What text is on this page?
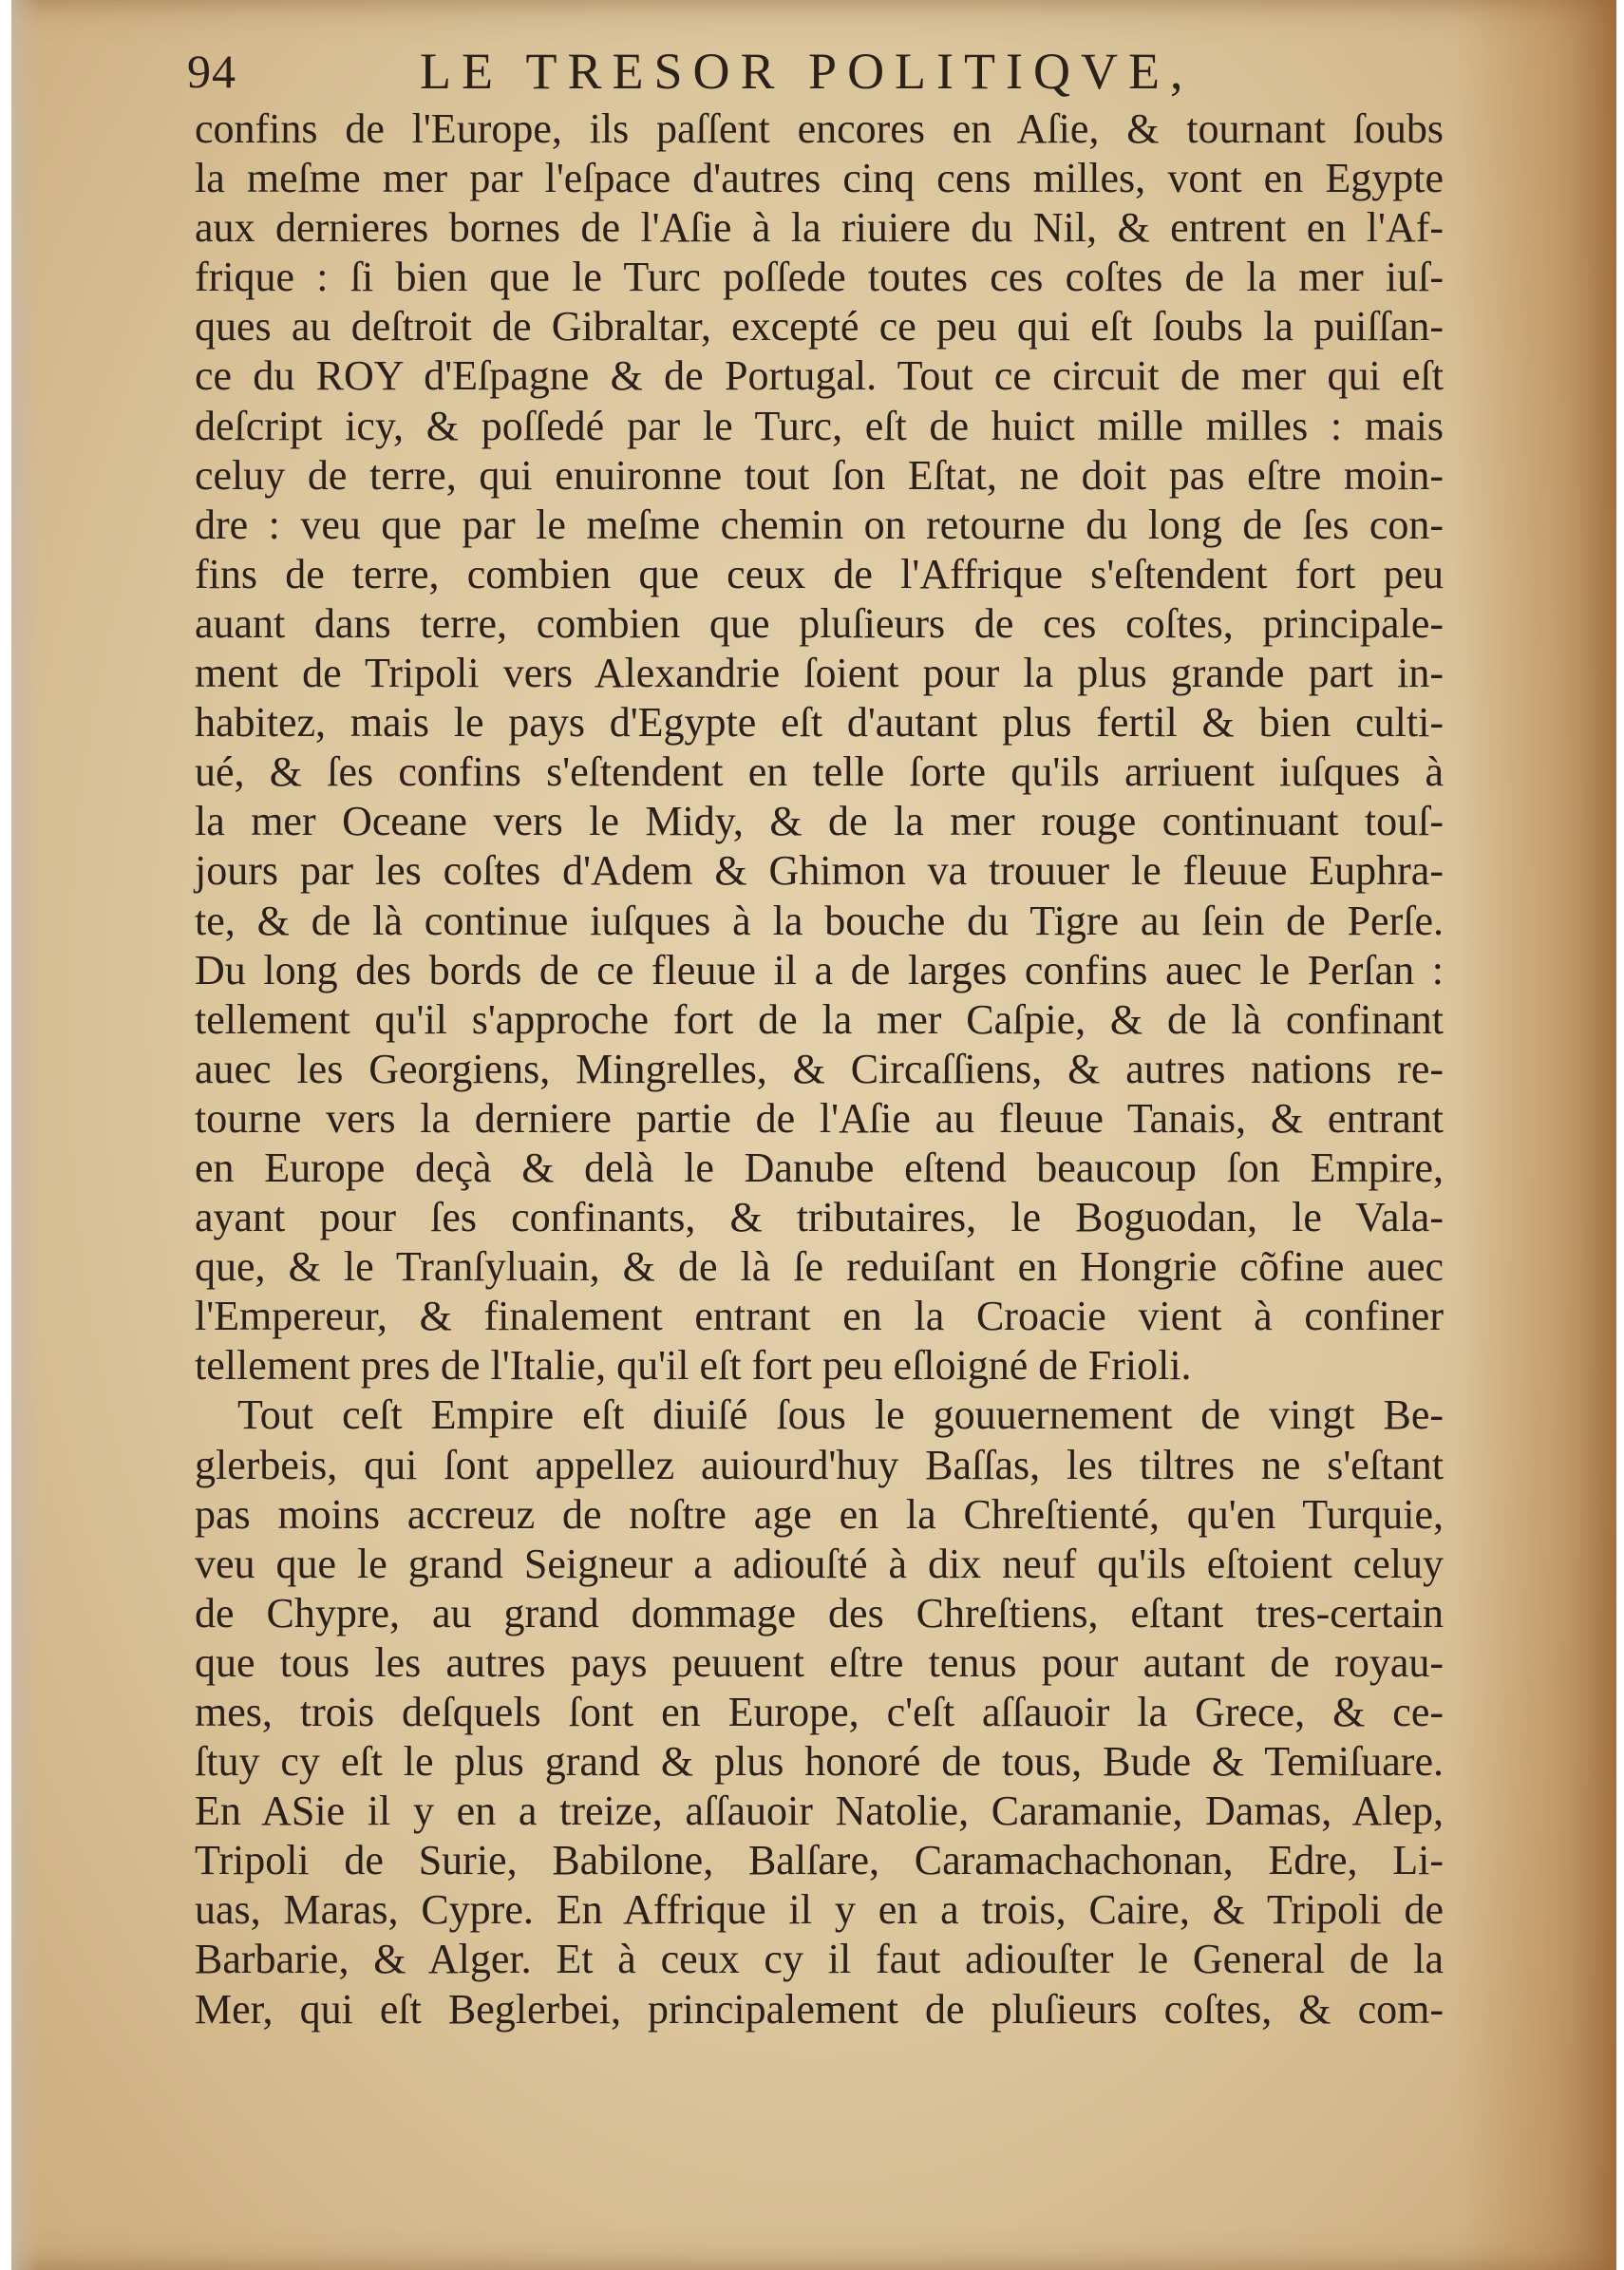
94	LE TRESOR POLITIQVE,
confins de l'Europe, ils paſſent encores en Aſie, & tournant ſoubs
la meſme mer par l'eſpace d'autres cinq cens milles, vont en Egypte
aux dernieres bornes de l'Aſie à la riuiere du Nil, & entrent en l'Af-
frique : ſi bien que le Turc poſſede toutes ces coſtes de la mer iuſ-
ques au deſtroit de Gibraltar, excepté ce peu qui eſt ſoubs la puiſſan-
ce du ROY d'Eſpagne & de Portugal. Tout ce circuit de mer qui eſt
deſcript icy, & poſſedé par le Turc, eſt de huict mille milles : mais
celuy de terre, qui enuironne tout ſon Eſtat, ne doit pas eſtre moin-
dre : veu que par le meſme chemin on retourne du long de ſes con-
fins de terre, combien que ceux de l'Affrique s'eſtendent fort peu
auant dans terre, combien que pluſieurs de ces coſtes, principale-
ment de Tripoli vers Alexandrie ſoient pour la plus grande part in-
habitez, mais le pays d'Egypte eſt d'autant plus fertil & bien culti-
ué, & ſes confins s'eſtendent en telle ſorte qu'ils arriuent iuſques à
la mer Oceane vers le Midy, & de la mer rouge continuant touſ-
jours par les coſtes d'Adem & Ghimon va trouuer le fleuue Euphra-
te, & de là continue iuſques à la bouche du Tigre au ſein de Perſe.
Du long des bords de ce fleuue il a de larges confins auec le Perſan :
tellement qu'il s'approche fort de la mer Caſpie, & de là confinant
auec les Georgiens, Mingrelles, & Circaſſiens, & autres nations re-
tourne vers la derniere partie de l'Aſie au fleuue Tanais, & entrant
en Europe deçà & delà le Danube eſtend beaucoup ſon Empire,
ayant pour ſes confinants, & tributaires, le Boguodan, le Vala-
que, & le Tranſyluain, & de là ſe reduiſant en Hongrie cõfine auec
l'Empereur, & finalement entrant en la Croacie vient à confiner
tellement pres de l'Italie, qu'il eſt fort peu eſloigné de Frioli.
Tout ceſt Empire eſt diuiſé ſous le gouuernement de vingt Be-
glerbeis, qui ſont appellez auiourd'huy Baſſas, les tiltres ne s'eſtant
pas moins accreuz de noſtre age en la Chreſtienté, qu'en Turquie,
veu que le grand Seigneur a adiouſté à dix neuf qu'ils eſtoient celuy
de Chypre, au grand dommage des Chreſtiens, eſtant tres-certain
que tous les autres pays peuuent eſtre tenus pour autant de royau-
mes, trois deſquels ſont en Europe, c'eſt aſſauoir la Grece, & ce-
ſtuy cy eſt le plus grand & plus honoré de tous, Bude & Temiſuare.
En ASie il y en a treize, aſſauoir Natolie, Caramanie, Damas, Alep,
Tripoli de Surie, Babilone, Balſare, Caramachachonan, Edre, Li-
uas, Maras, Cypre. En Affrique il y en a trois, Caire, & Tripoli de
Barbarie, & Alger. Et à ceux cy il faut adiouſter le General de la
Mer, qui eſt Beglerbei, principalement de pluſieurs coſtes, & com-
